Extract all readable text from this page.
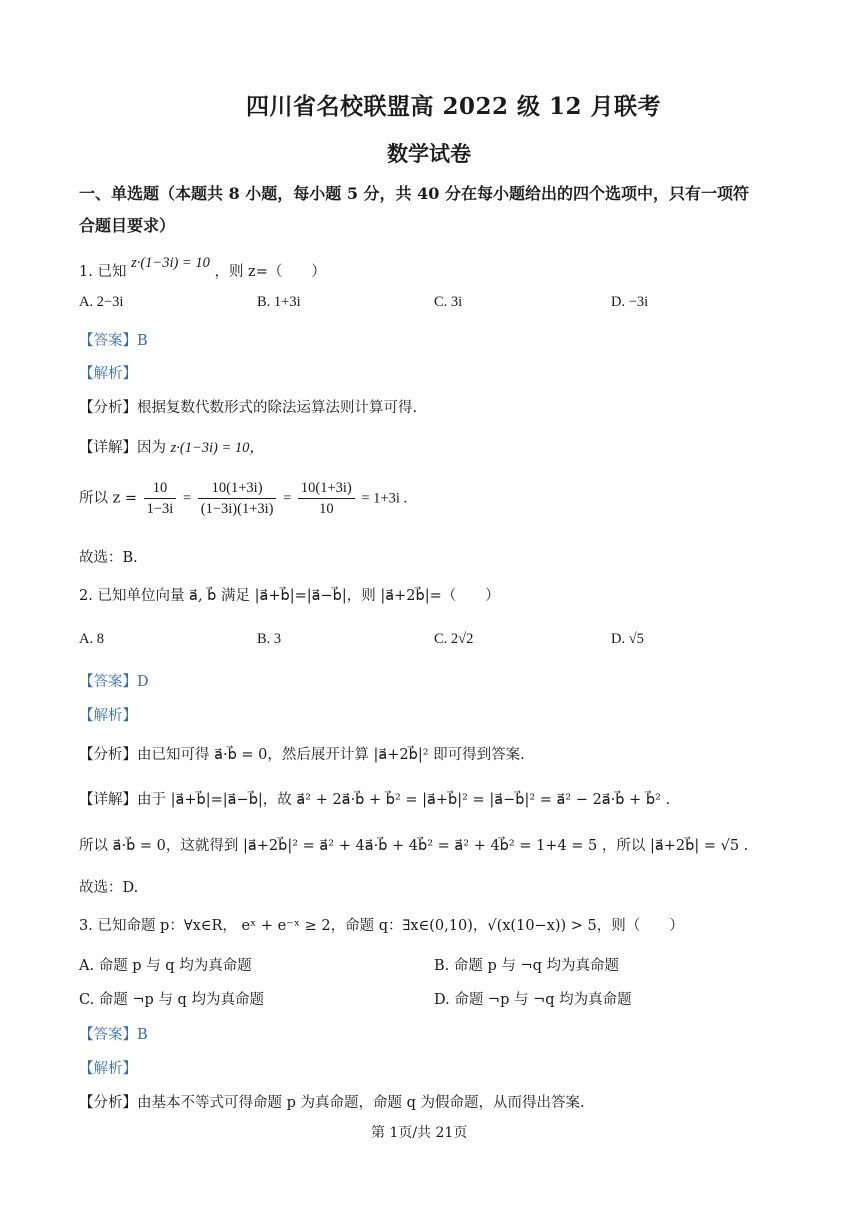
四川省名校联盟高 2022 级 12 月联考
数学试卷
一、单选题（本题共 8 小题，每小题 5 分，共 40 分在每小题给出的四个选项中，只有一项符
合题目要求）
1. 已知 z·(1−3i) = 10 ，则 z=（　　）
A. 2−3i	B. 1+3i	C. 3i	D. −3i
【答案】B
【解析】
【分析】根据复数代数形式的除法运算法则计算可得.
【详解】因为 z·(1−3i) = 10，
所以 $z = \frac{10}{1-3i} = \frac{10(1+3i)}{(1-3i)(1+3i)} = \frac{10(1+3i)}{10} = 1+3i$ .
故选：B.
2. 已知单位向量 a⃗, b⃗ 满足 |a⃗+b⃗|=|a⃗−b⃗|，则 |a⃗+2b⃗|=（　　）
A. 8	B. 3	C. 2√2	D. √5
【答案】D
【解析】
【分析】由已知可得 a⃗·b⃗ = 0，然后展开计算 |a⃗+2b⃗|² 即可得到答案.
【详解】由于 |a⃗+b⃗|=|a⃗−b⃗|，故 a⃗² + 2a⃗·b⃗ + b⃗² = |a⃗+b⃗|² = |a⃗−b⃗|² = a⃗² − 2a⃗·b⃗ + b⃗² .
所以 a⃗·b⃗ = 0，这就得到 |a⃗+2b⃗|² = a⃗² + 4a⃗·b⃗ + 4b⃗² = a⃗² + 4b⃗² = 1+4 = 5 ，所以 |a⃗+2b⃗| = √5 .
故选：D.
3. 已知命题 p：∀x∈R， eˣ + e⁻ˣ ≥ 2，命题 q：∃x∈(0,10)，√(x(10−x)) > 5，则（　　）
A. 命题 p 与 q 均为真命题	B. 命题 p 与 ¬q 均为真命题
C. 命题 ¬p 与 q 均为真命题	D. 命题 ¬p 与 ¬q 均为真命题
【答案】B
【解析】
【分析】由基本不等式可得命题 p 为真命题，命题 q 为假命题，从而得出答案.
第 1页/共 21页
